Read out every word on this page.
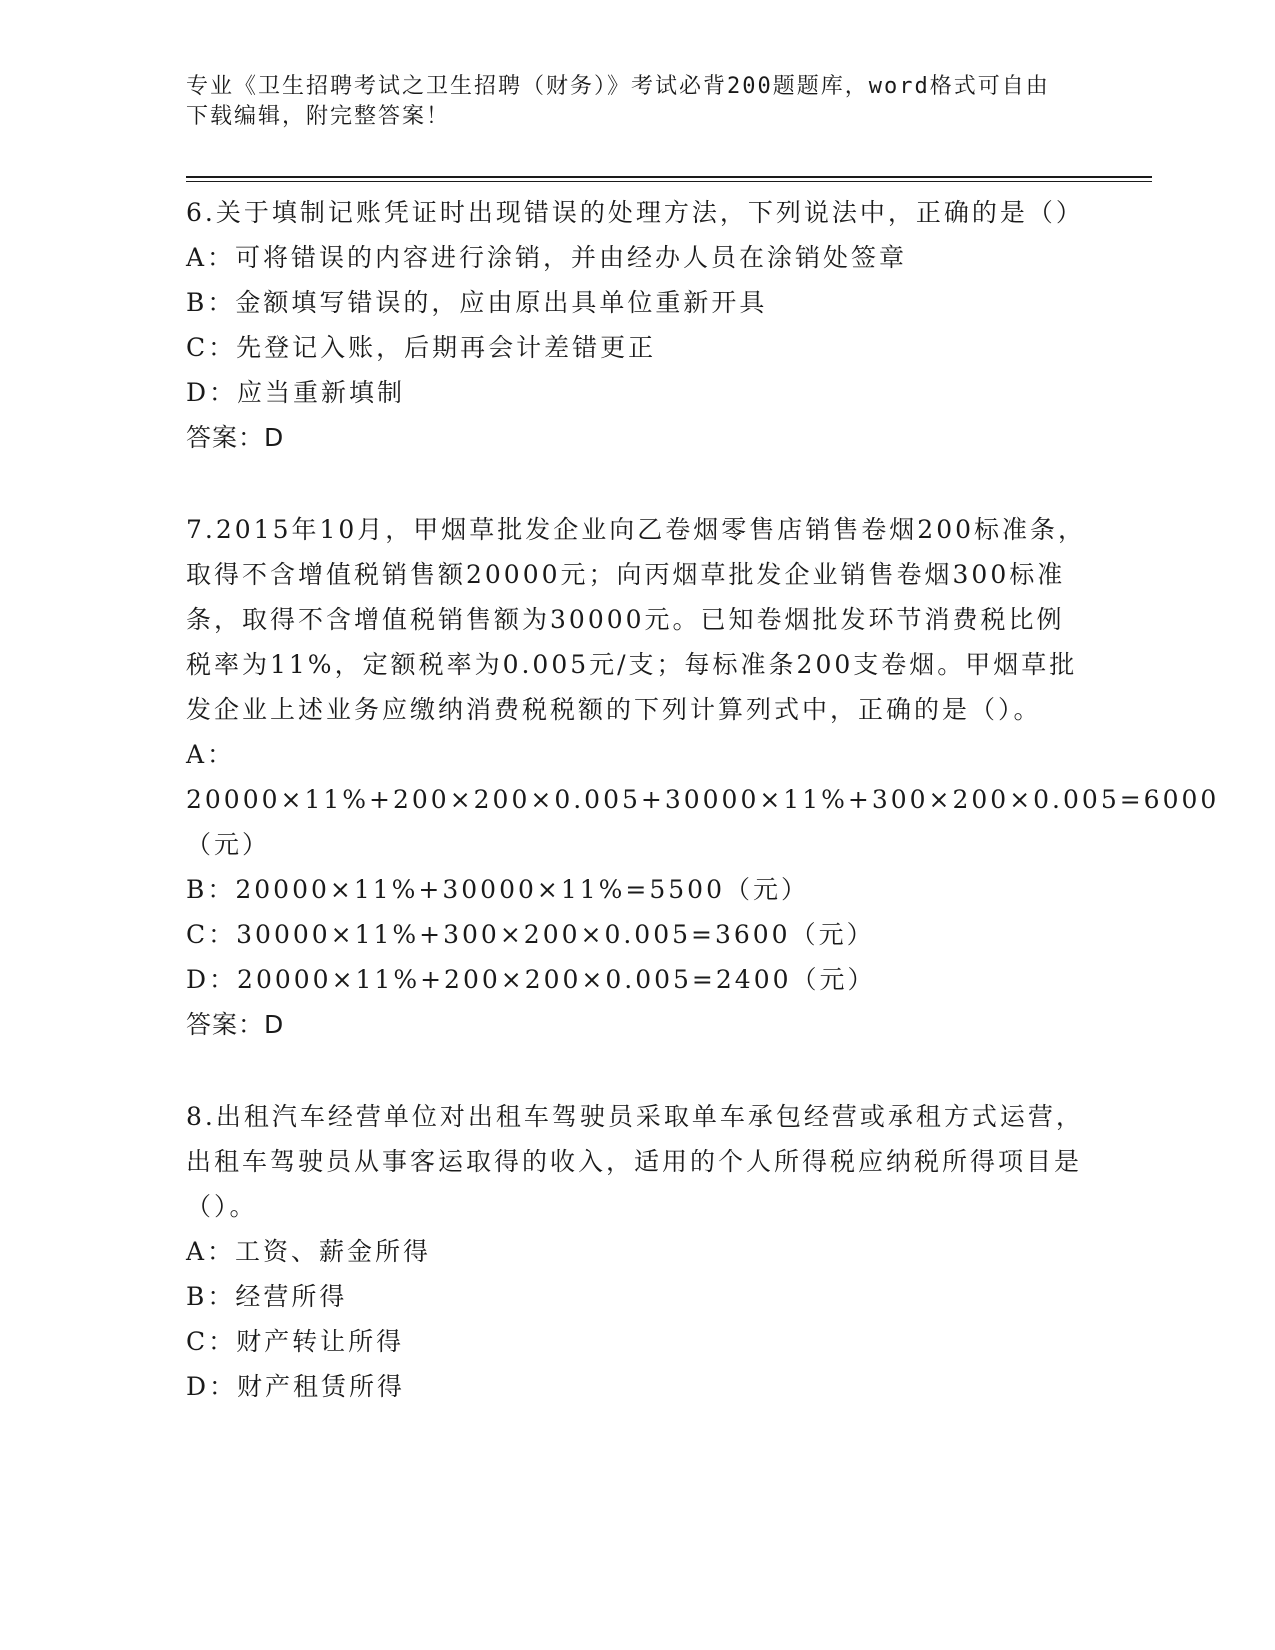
专业《卫生招聘考试之卫生招聘（财务）》考试必背200题题库，word格式可自由下载编辑，附完整答案！

6.关于填制记账凭证时出现错误的处理方法，下列说法中，正确的是（）

A：可将错误的内容进行涂销，并由经办人员在涂销处签章

B：金额填写错误的，应由原出具单位重新开具

C：先登记入账，后期再会计差错更正

D：应当重新填制

答案：D

7.2015年10月，甲烟草批发企业向乙卷烟零售店销售卷烟200标准条，取得不含增值税销售额20000元；向丙烟草批发企业销售卷烟300标准条，取得不含增值税销售额为30000元。已知卷烟批发环节消费税比例税率为11%，定额税率为0.005元/支；每标准条200支卷烟。甲烟草批发企业上述业务应缴纳消费税税额的下列计算列式中，正确的是（）。

A：20000×11%+200×200×0.005+30000×11%+300×200×0.005=6000（元）

B：20000×11%+30000×11%=5500（元）

C：30000×11%+300×200×0.005=3600（元）

D：20000×11%+200×200×0.005=2400（元）

答案：D

8.出租汽车经营单位对出租车驾驶员采取单车承包经营或承租方式运营，出租车驾驶员从事客运取得的收入，适用的个人所得税应纳税所得项目是（）。

A：工资、薪金所得

B：经营所得

C：财产转让所得

D：财产租赁所得
